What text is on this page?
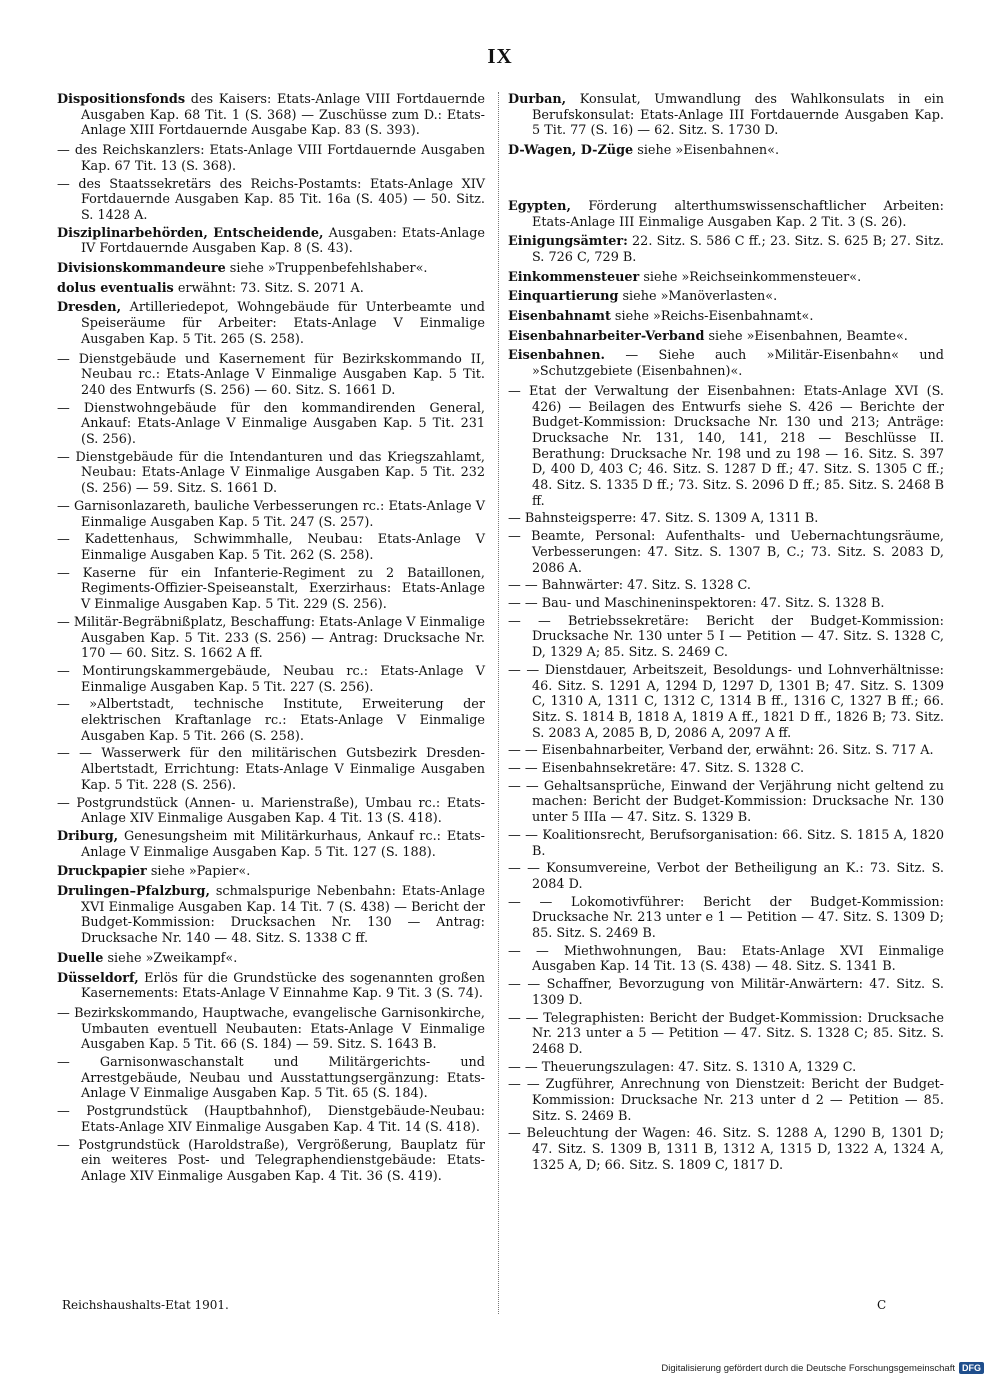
IX

Dispositionsfonds des Kaisers: Etats-Anlage VIII Fortdauernde Ausgaben Kap. 68 Tit. 1 (S. 368) — Zuschüsse zum D.: Etats-Anlage XIII Fortdauernde Ausgabe Kap. 83 (S. 393).

— des Reichskanzlers: Etats-Anlage VIII Fortdauernde Ausgaben Kap. 67 Tit. 13 (S. 368).

— des Staatssekretärs des Reichs-Postamts: Etats-Anlage XIV Fortdauernde Ausgaben Kap. 85 Tit. 16a (S. 405) — 50. Sitz. S. 1428 A.

Disziplinarbehörden, Entscheidende, Ausgaben: Etats-Anlage IV Fortdauernde Ausgaben Kap. 8 (S. 43).

Divisionskommandeure siehe »Truppenbefehlshaber«.

dolus eventualis erwähnt: 73. Sitz. S. 2071 A.

Dresden, Artilleriedepot, Wohngebäude für Unterbeamte und Speiseräume für Arbeiter: Etats-Anlage V Einmalige Ausgaben Kap. 5 Tit. 265 (S. 258).

— Dienstgebäude und Kasernement für Bezirkskommando II, Neubau rc.: Etats-Anlage V Einmalige Ausgaben Kap. 5 Tit. 240 des Entwurfs (S. 256) — 60. Sitz. S. 1661 D.

— Dienstwohngebäude für den kommandirenden General, Ankauf: Etats-Anlage V Einmalige Ausgaben Kap. 5 Tit. 231 (S. 256).

— Dienstgebäude für die Intendanturen und das Kriegszahlamt, Neubau: Etats-Anlage V Einmalige Ausgaben Kap. 5 Tit. 232 (S. 256) — 59. Sitz. S. 1661 D.

— Garnisonlazareth, bauliche Verbesserungen rc.: Etats-Anlage V Einmalige Ausgaben Kap. 5 Tit. 247 (S. 257).

— Kadettenhaus, Schwimmhalle, Neubau: Etats-Anlage V Einmalige Ausgaben Kap. 5 Tit. 262 (S. 258).

— Kaserne für ein Infanterie-Regiment zu 2 Bataillonen, Regiments-Offizier-Speiseanstalt, Exerzirhaus: Etats-Anlage V Einmalige Ausgaben Kap. 5 Tit. 229 (S. 256).

— Militär-Begräbnißplatz, Beschaffung: Etats-Anlage V Einmalige Ausgaben Kap. 5 Tit. 233 (S. 256) — Antrag: Drucksache Nr. 170 — 60. Sitz. S. 1662 A ff.

— Montirungskammergebäude, Neubau rc.: Etats-Anlage V Einmalige Ausgaben Kap. 5 Tit. 227 (S. 256).

— »Albertstadt, technische Institute, Erweiterung der elektrischen Kraftanlage rc.: Etats-Anlage V Einmalige Ausgaben Kap. 5 Tit. 266 (S. 258).

— — Wasserwerk für den militärischen Gutsbezirk Dresden-Albertstadt, Errichtung: Etats-Anlage V Einmalige Ausgaben Kap. 5 Tit. 228 (S. 256).

— Postgrundstück (Annen- u. Marienstraße), Umbau rc.: Etats-Anlage XIV Einmalige Ausgaben Kap. 4 Tit. 13 (S. 418).

Driburg, Genesungsheim mit Militärkurhaus, Ankauf rc.: Etats-Anlage V Einmalige Ausgaben Kap. 5 Tit. 127 (S. 188).

Druckpapier siehe »Papier«.

Drulingen–Pfalzburg, schmalspurige Nebenbahn: Etats-Anlage XVI Einmalige Ausgaben Kap. 14 Tit. 7 (S. 438) — Bericht der Budget-Kommission: Drucksachen Nr. 130 — Antrag: Drucksache Nr. 140 — 48. Sitz. S. 1338 C ff.

Duelle siehe »Zweikampf«.

Düsseldorf, Erlös für die Grundstücke des sogenannten großen Kasernements: Etats-Anlage V Einnahme Kap. 9 Tit. 3 (S. 74).

— Bezirkskommando, Hauptwache, evangelische Garnisonkirche, Umbauten eventuell Neubauten: Etats-Anlage V Einmalige Ausgaben Kap. 5 Tit. 66 (S. 184) — 59. Sitz. S. 1643 B.

— Garnisonwaschanstalt und Militärgerichts- und Arrestgebäude, Neubau und Ausstattungsergänzung: Etats-Anlage V Einmalige Ausgaben Kap. 5 Tit. 65 (S. 184).

— Postgrundstück (Hauptbahnhof), Dienstgebäude-Neubau: Etats-Anlage XIV Einmalige Ausgaben Kap. 4 Tit. 14 (S. 418).

— Postgrundstück (Haroldstraße), Vergrößerung, Bauplatz für ein weiteres Post- und Telegraphendienstgebäude: Etats-Anlage XIV Einmalige Ausgaben Kap. 4 Tit. 36 (S. 419).

Durban, Konsulat, Umwandlung des Wahlkonsulats in ein Berufskonsulat: Etats-Anlage III Fortdauernde Ausgaben Kap. 5 Tit. 77 (S. 16) — 62. Sitz. S. 1730 D.

D-Wagen, D-Züge siehe »Eisenbahnen«.

Egypten, Förderung alterthumswissenschaftlicher Arbeiten: Etats-Anlage III Einmalige Ausgaben Kap. 2 Tit. 3 (S. 26).

Einigungsämter: 22. Sitz. S. 586 C ff.; 23. Sitz. S. 625 B; 27. Sitz. S. 726 C, 729 B.

Einkommensteuer siehe »Reichseinkommensteuer«.

Einquartierung siehe »Manöverlasten«.

Eisenbahnamt siehe »Reichs-Eisenbahnamt«.

Eisenbahnarbeiter-Verband siehe »Eisenbahnen, Beamte«.

Eisenbahnen. — Siehe auch »Militär-Eisenbahn« und »Schutzgebiete (Eisenbahnen)«.

— Etat der Verwaltung der Eisenbahnen: Etats-Anlage XVI (S. 426) — Beilagen des Entwurfs siehe S. 426 — Berichte der Budget-Kommission: Drucksache Nr. 130 und 213; Anträge: Drucksache Nr. 131, 140, 141, 218 — Beschlüsse II. Berathung: Drucksache Nr. 198 und zu 198 — 16. Sitz. S. 397 D, 400 D, 403 C; 46. Sitz. S. 1287 D ff.; 47. Sitz. S. 1305 C ff.; 48. Sitz. S. 1335 D ff.; 73. Sitz. S. 2096 D ff.; 85. Sitz. S. 2468 B ff.

— Bahnsteigsperre: 47. Sitz. S. 1309 A, 1311 B.

— Beamte, Personal: Aufenthalts- und Uebernachtungsräume, Verbesserungen: 47. Sitz. S. 1307 B, C.; 73. Sitz. S. 2083 D, 2086 A.

— — Bahnwärter: 47. Sitz. S. 1328 C.

— — Bau- und Maschineninspektoren: 47. Sitz. S. 1328 B.

— — Betriebssekretäre: Bericht der Budget-Kommission: Drucksache Nr. 130 unter 5 I — Petition — 47. Sitz. S. 1328 C, D, 1329 A; 85. Sitz. S. 2469 C.

— — Dienstdauer, Arbeitszeit, Besoldungs- und Lohnverhältnisse: 46. Sitz. S. 1291 A, 1294 D, 1297 D, 1301 B; 47. Sitz. S. 1309 C, 1310 A, 1311 C, 1312 C, 1314 B ff., 1316 C, 1327 B ff.; 66. Sitz. S. 1814 B, 1818 A, 1819 A ff., 1821 D ff., 1826 B; 73. Sitz. S. 2083 A, 2085 B, D, 2086 A, 2097 A ff.

— — Eisenbahnarbeiter, Verband der, erwähnt: 26. Sitz. S. 717 A.

— — Eisenbahnsekretäre: 47. Sitz. S. 1328 C.

— — Gehaltsansprüche, Einwand der Verjährung nicht geltend zu machen: Bericht der Budget-Kommission: Drucksache Nr. 130 unter 5 IIIa — 47. Sitz. S. 1329 B.

— — Koalitionsrecht, Berufsorganisation: 66. Sitz. S. 1815 A, 1820 B.

— — Konsumvereine, Verbot der Betheiligung an K.: 73. Sitz. S. 2084 D.

— — Lokomotivführer: Bericht der Budget-Kommission: Drucksache Nr. 213 unter e 1 — Petition — 47. Sitz. S. 1309 D; 85. Sitz. S. 2469 B.

— — Miethwohnungen, Bau: Etats-Anlage XVI Einmalige Ausgaben Kap. 14 Tit. 13 (S. 438) — 48. Sitz. S. 1341 B.

— — Schaffner, Bevorzugung von Militär-Anwärtern: 47. Sitz. S. 1309 D.

— — Telegraphisten: Bericht der Budget-Kommission: Drucksache Nr. 213 unter a 5 — Petition — 47. Sitz. S. 1328 C; 85. Sitz. S. 2468 D.

— — Theuerungszulagen: 47. Sitz. S. 1310 A, 1329 C.

— — Zugführer, Anrechnung von Dienstzeit: Bericht der Budget-Kommission: Drucksache Nr. 213 unter d 2 — Petition — 85. Sitz. S. 2469 B.

— Beleuchtung der Wagen: 46. Sitz. S. 1288 A, 1290 B, 1301 D; 47. Sitz. S. 1309 B, 1311 B, 1312 A, 1315 D, 1322 A, 1324 A, 1325 A, D; 66. Sitz. S. 1809 C, 1817 D.

Reichshaushalts-Etat 1901.	C
Digitalisierung gefördert durch die Deutsche Forschungsgemeinschaft DFG
